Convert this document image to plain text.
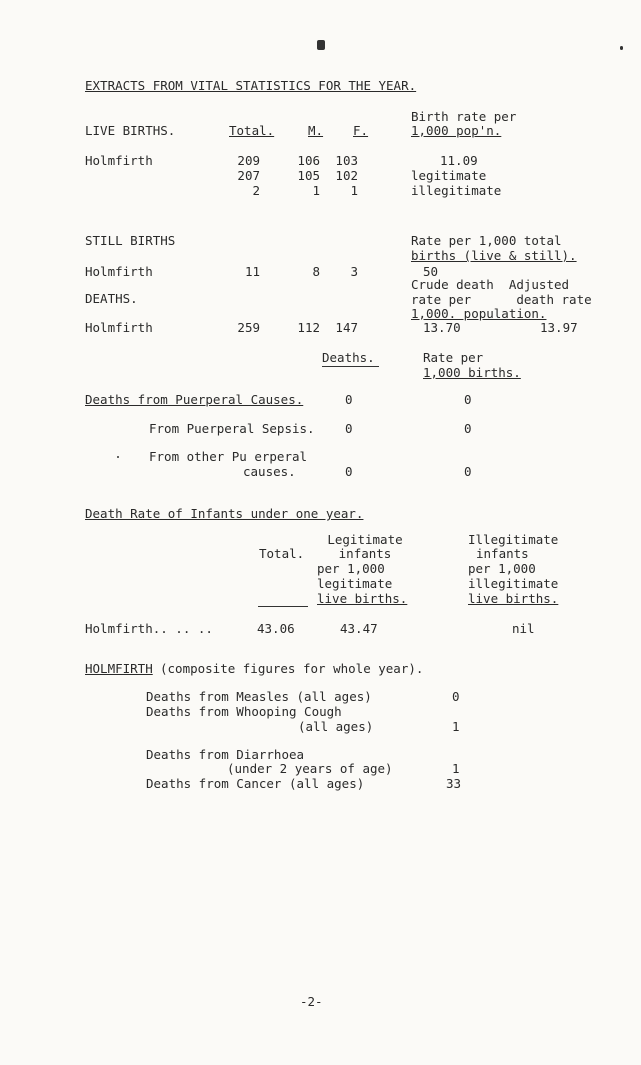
EXTRACTS FROM VITAL STATISTICS FOR THE YEAR.
LIVE BIRTHS.	Total.	M. F.
Birth rate per
1,000 pop'n.
Holmfirth	209	106	103	11.09
207	105	102	legitimate
2	1	1	illegitimate
STILL BIRTHS	Rate per 1,000 total
births (live & still).
Holmfirth	11	8	3	50
DEATHS.
Crude death  Adjusted
rate per      death rate
1,000. population.
Holmfirth	259	112	147	13.70	13.97
Deaths.	Rate per
1,000 births.
Deaths from Puerperal Causes.	0	0
From Puerperal Sepsis. 0	0
From other Pu erperal
causes.	0	0
Death Rate of Infants under one year.
Total.
Legitimate
infants
per 1,000
legitimate
live births.
Illegitimate
infants
per 1,000
illegitimate
live births.
Holmfirth.. .. ..	43.06	43.47	nil
HOLMFIRTH (composite figures for whole year).
Deaths from Measles (all ages)	0
Deaths from Whooping Cough
(all ages)	1
Deaths from Diarrhoea
(under 2 years of age)	1
Deaths from Cancer (all ages)	33
-2-
